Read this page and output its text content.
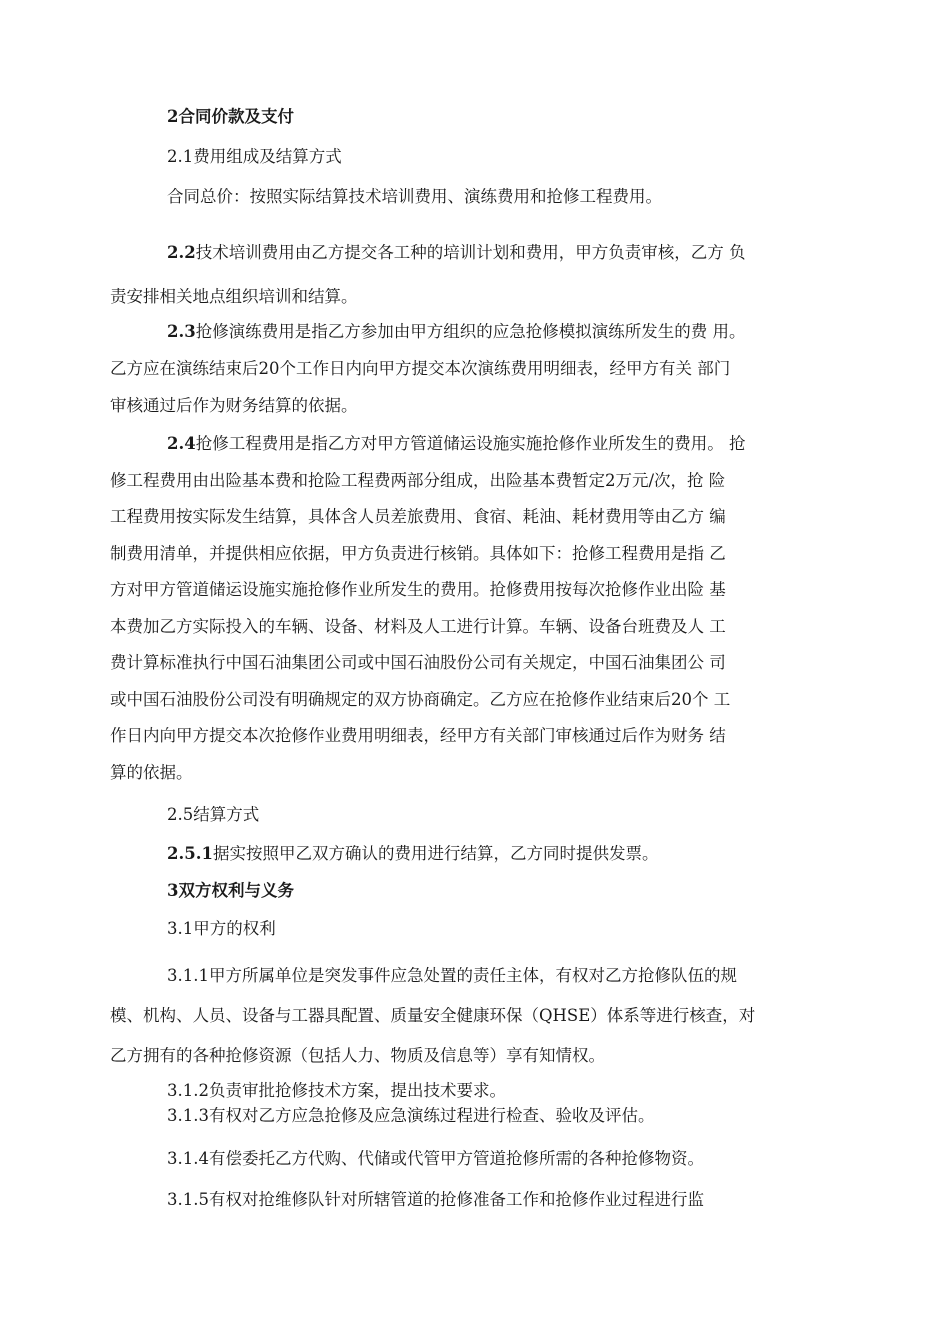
2合同价款及支付

2.1费用组成及结算方式

合同总价：按照实际结算技术培训费用、演练费用和抢修工程费用。

2.2技术培训费用由乙方提交各工种的培训计划和费用，甲方负责审核，乙方 负
责安排相关地点组织培训和结算。
2.3抢修演练费用是指乙方参加由甲方组织的应急抢修模拟演练所发生的费 用。
乙方应在演练结束后20个工作日内向甲方提交本次演练费用明细表，经甲方有关 部门
审核通过后作为财务结算的依据。
2.4抢修工程费用是指乙方对甲方管道储运设施实施抢修作业所发生的费用。 抢
修工程费用由出险基本费和抢险工程费两部分组成，出险基本费暂定2万元/次，抢 险
工程费用按实际发生结算，具体含人员差旅费用、食宿、耗油、耗材费用等由乙方 编
制费用清单，并提供相应依据，甲方负责进行核销。具体如下：抢修工程费用是指 乙
方对甲方管道储运设施实施抢修作业所发生的费用。抢修费用按每次抢修作业出险 基
本费加乙方实际投入的车辆、设备、材料及人工进行计算。车辆、设备台班费及人 工
费计算标准执行中国石油集团公司或中国石油股份公司有关规定，中国石油集团公 司
或中国石油股份公司没有明确规定的双方协商确定。乙方应在抢修作业结束后20个 工
作日内向甲方提交本次抢修作业费用明细表，经甲方有关部门审核通过后作为财务 结
算的依据。

2.5结算方式

2.5.1据实按照甲乙双方确认的费用进行结算，乙方同时提供发票。

3双方权利与义务

3.1甲方的权利

3.1.1甲方所属单位是突发事件应急处置的责任主体，有权对乙方抢修队伍的规
模、机构、人员、设备与工器具配置、质量安全健康环保（QHSE）体系等进行核查，对
乙方拥有的各种抢修资源（包括人力、物质及信息等）享有知情权。

3.1.2负责审批抢修技术方案，提出技术要求。

3.1.3有权对乙方应急抢修及应急演练过程进行检查、验收及评估。

3.1.4有偿委托乙方代购、代储或代管甲方管道抢修所需的各种抢修物资。

3.1.5有权对抢维修队针对所辖管道的抢修准备工作和抢修作业过程进行监
